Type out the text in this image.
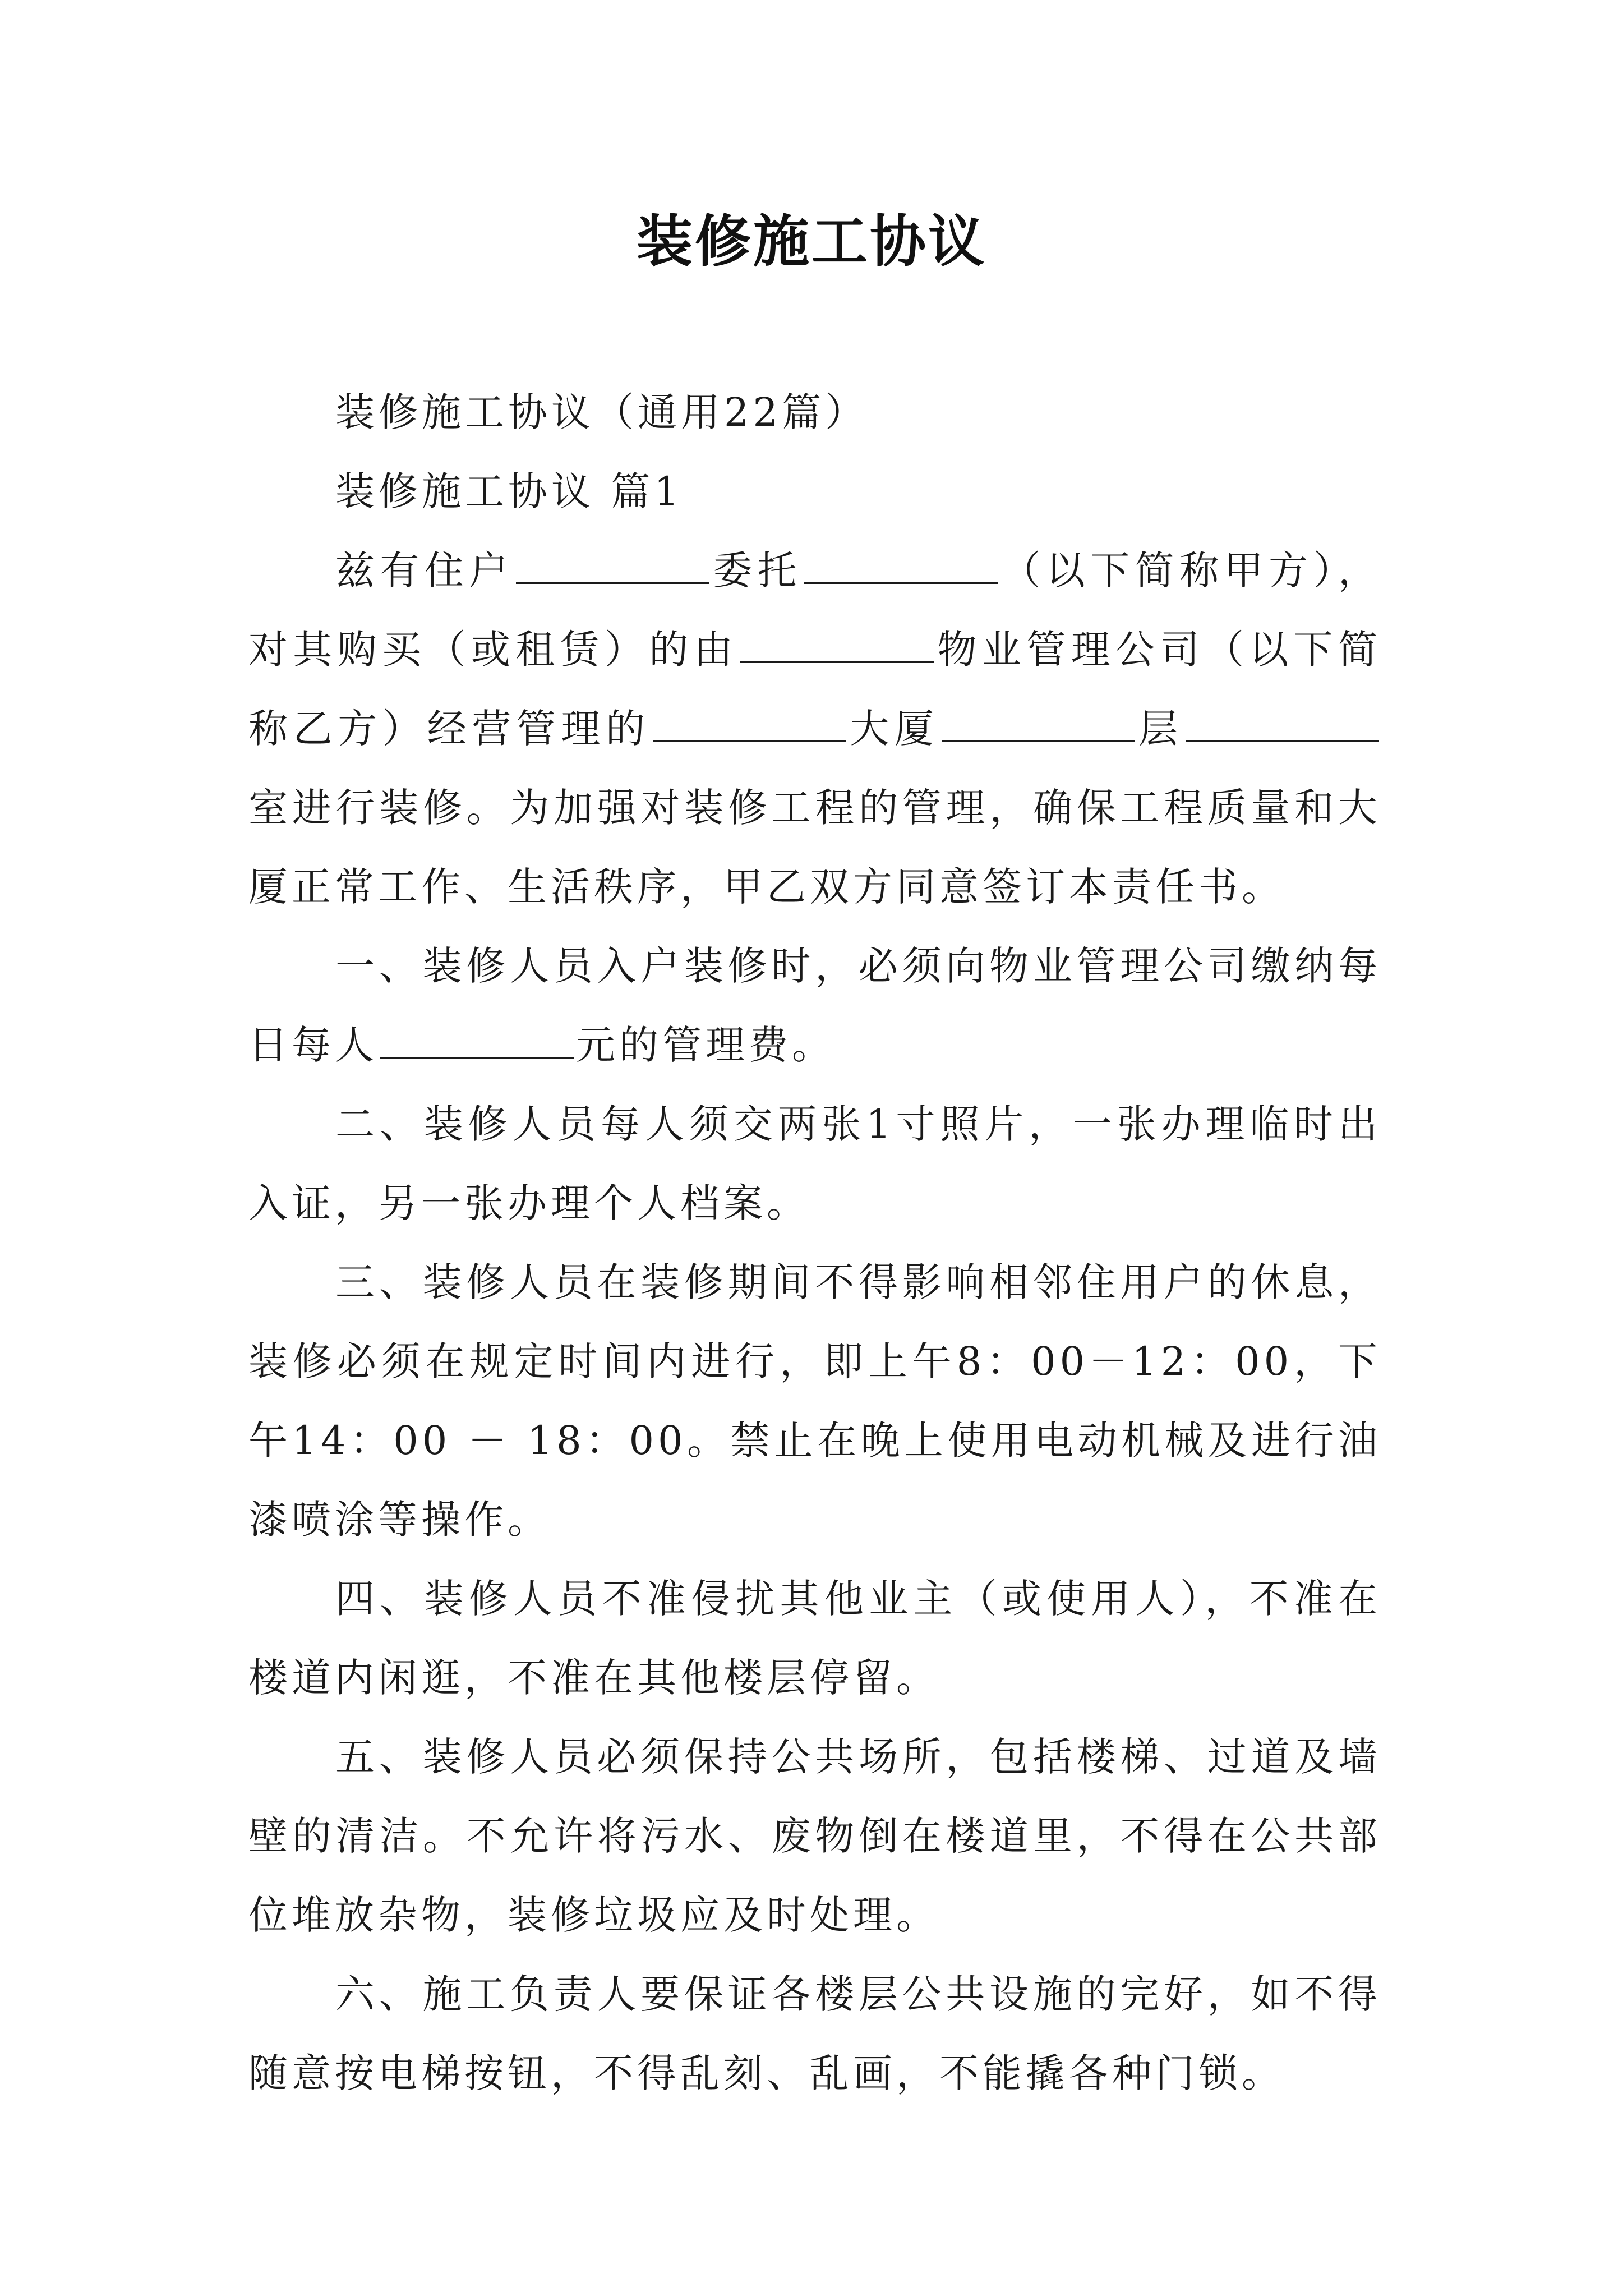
装修施工协议

装修施工协议（通用22篇）

装修施工协议 篇1

兹有住户	委托	（以下简称甲方），对其购买（或租赁）的由	物业管理公司（以下简称乙方）经营管理的	大厦	层室进行装修。为加强对装修工程的管理，确保工程质量和大厦正常工作、生活秩序，甲乙双方同意签订本责任书。

一、装修人员入户装修时，必须向物业管理公司缴纳每日每人	元的管理费。

二、装修人员每人须交两张1寸照片，一张办理临时出入证，另一张办理个人档案。

三、装修人员在装修期间不得影响相邻住用户的休息，装修必须在规定时间内进行，即上午8：00－12：00，下午14：00 － 18：00。禁止在晚上使用电动机械及进行油漆喷涂等操作。

四、装修人员不准侵扰其他业主（或使用人），不准在楼道内闲逛，不准在其他楼层停留。

五、装修人员必须保持公共场所，包括楼梯、过道及墙壁的清洁。不允许将污水、废物倒在楼道里，不得在公共部位堆放杂物，装修垃圾应及时处理。

六、施工负责人要保证各楼层公共设施的完好，如不得随意按电梯按钮，不得乱刻、乱画，不能撬各种门锁。
